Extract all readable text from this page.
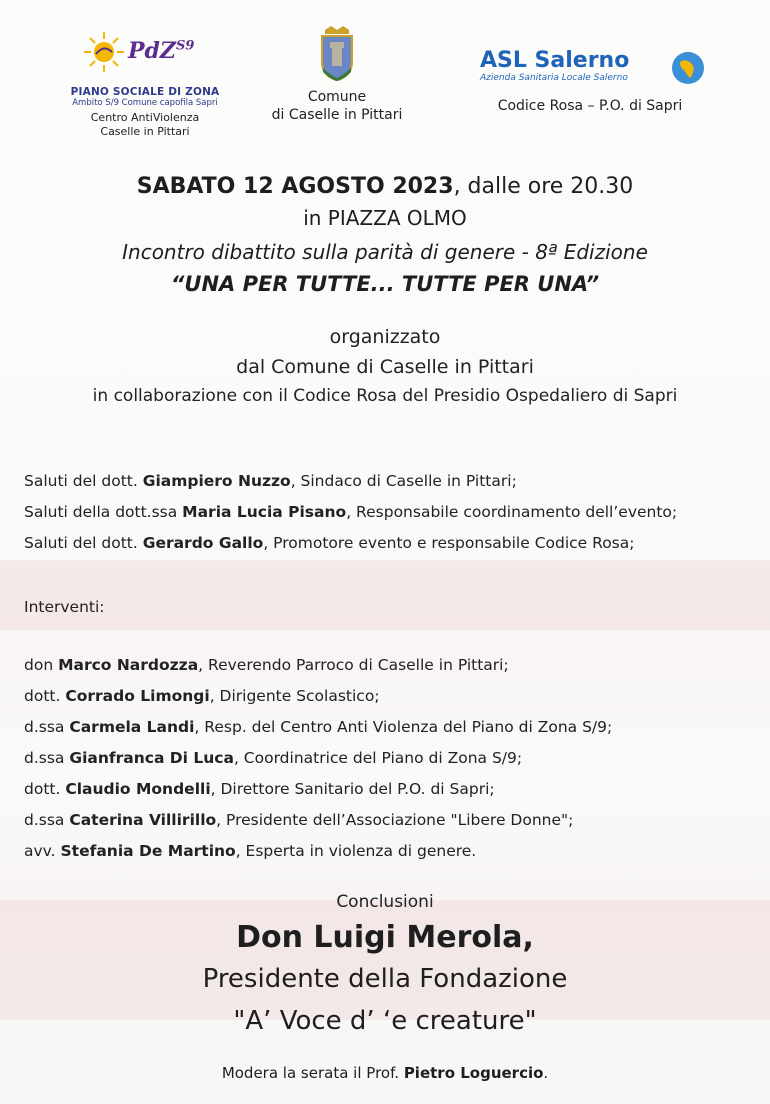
PdZ$^{S9}$
PIANO SOCIALE DI ZONA
Ambito S/9 Comune capofila Sapri
Centro AntiViolenza
Caselle in Pittari
Comune
di Caselle in Pittari
ASL Salerno
Azienda Sanitaria Locale Salerno
Codice Rosa – P.O. di Sapri
SABATO 12 AGOSTO 2023, dalle ore 20.30
in PIAZZA OLMO
Incontro dibattito sulla parità di genere - 8ª Edizione
“UNA PER TUTTE... TUTTE PER UNA”
organizzato
dal Comune di Caselle in Pittari
in collaborazione con il Codice Rosa del Presidio Ospedaliero di Sapri
Saluti del dott. Giampiero Nuzzo, Sindaco di Caselle in Pittari;
Saluti della dott.ssa Maria Lucia Pisano, Responsabile coordinamento dell’evento;
Saluti del dott. Gerardo Gallo, Promotore evento e responsabile Codice Rosa;
Interventi:
don Marco Nardozza, Reverendo Parroco di Caselle in Pittari;
dott. Corrado Limongi, Dirigente Scolastico;
d.ssa Carmela Landi, Resp. del Centro Anti Violenza del Piano di Zona S/9;
d.ssa Gianfranca Di Luca, Coordinatrice del Piano di Zona S/9;
dott. Claudio Mondelli, Direttore Sanitario del P.O. di Sapri;
d.ssa Caterina Villirillo, Presidente dell’Associazione "Libere Donne";
avv. Stefania De Martino, Esperta in violenza di genere.
Conclusioni
Don Luigi Merola,
Presidente della Fondazione
"A’ Voce d’ ‘e creature"
Modera la serata il Prof. Pietro Loguercio.
